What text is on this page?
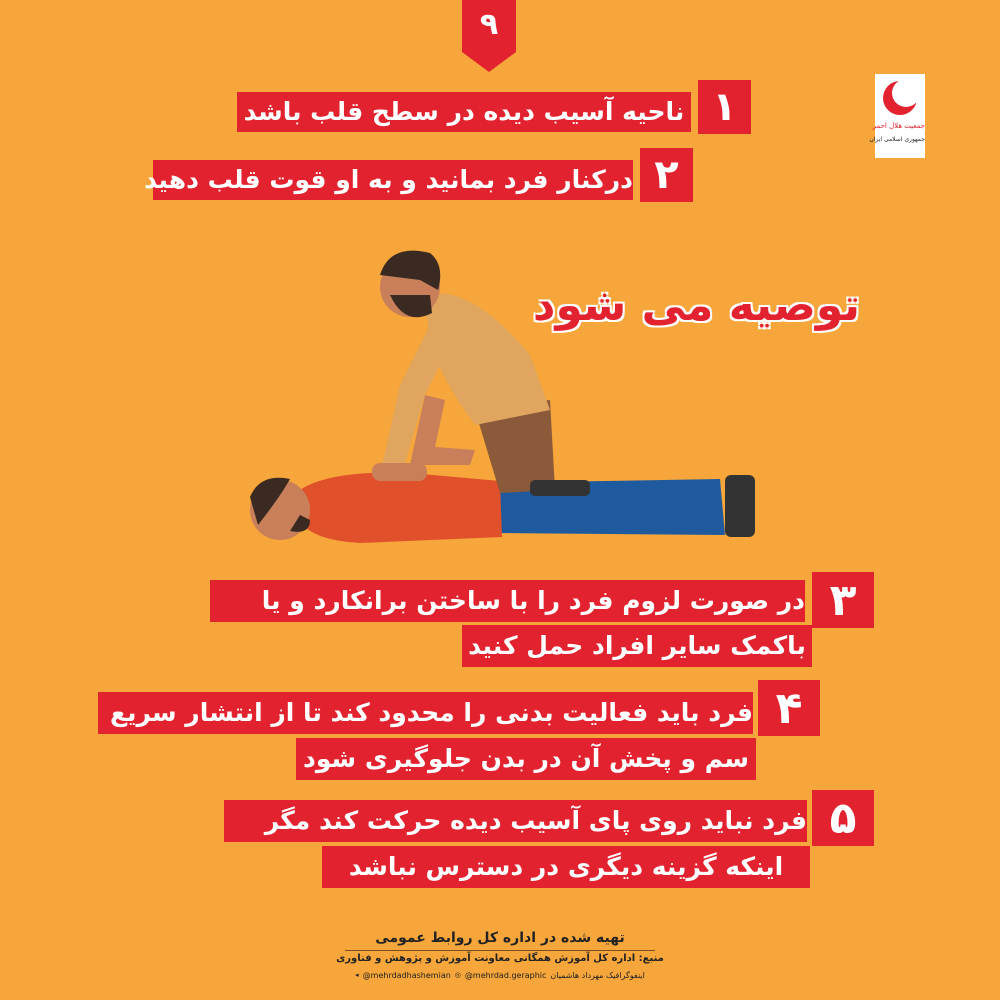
۹
جمعیت هلال احمر
جمهوری اسلامی ایران
۱
ناحیه آسیب دیده در سطح قلب باشد
۲
درکنار فرد بمانید و به او قوت قلب دهید
توصیه می شود
۳
در صورت لزوم فرد را با ساختن برانکارد و یا
باکمک سایر افراد حمل کنید
۴
فرد باید فعالیت بدنی را محدود کند تا از انتشار سریع
سم و پخش آن در بدن جلوگیری شود
۵
فرد نباید روی پای آسیب دیده حرکت کند مگر
اینکه گزینه دیگری در دسترس نباشد
تهیه شده در اداره کل روابط عمومی
منبع: اداره کل آموزش همگانی معاونت آموزش و پژوهش و فناوری
◂ @mehrdadhashemian ◎ @mehrdad.geraphic اینفوگرافیک مهرداد هاشمیان
